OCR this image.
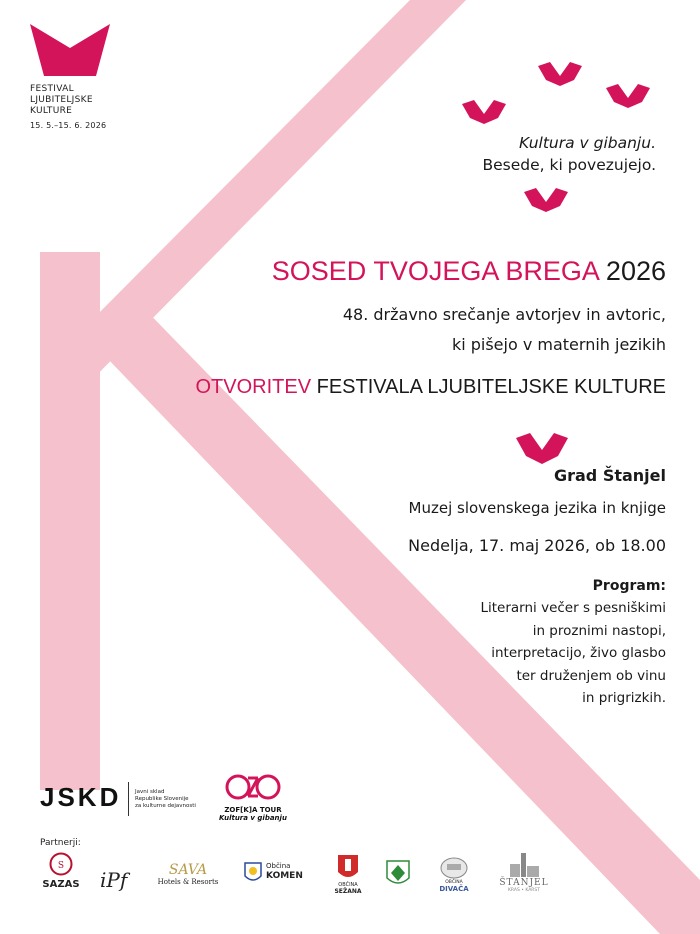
FESTIVAL
LJUBITELJSKE
KULTURE
15. 5.–15. 6. 2026
Kultura v gibanju.
Besede, ki povezujejo.
SOSED TVOJEGA BREGA 2026
48. državno srečanje avtorjev in avtoric,
ki pišejo v maternih jezikih
OTVORITEV FESTIVALA LJUBITELJSKE KULTURE
Grad Štanjel
Muzej slovenskega jezika in knjige
Nedelja, 17. maj 2026, ob 18.00
Program:
Literarni večer s pesniškimi
in proznimi nastopi,
interpretacijo, živo glasbo
ter druženjem ob vinu
in prigrizkih.
JSKD Javni sklad
Republike Slovenije
za kulturne dejavnosti	ZOF[K]A TOUR
Kultura v gibanju
Partnerji:
S
SAZAS iPf	SAVA
Hotels & Resorts
Občina
KOMEN
OBČINA
SEŽANA
OBČINA
DIVAČA
ŠTANJEL
KRAS • KARST
